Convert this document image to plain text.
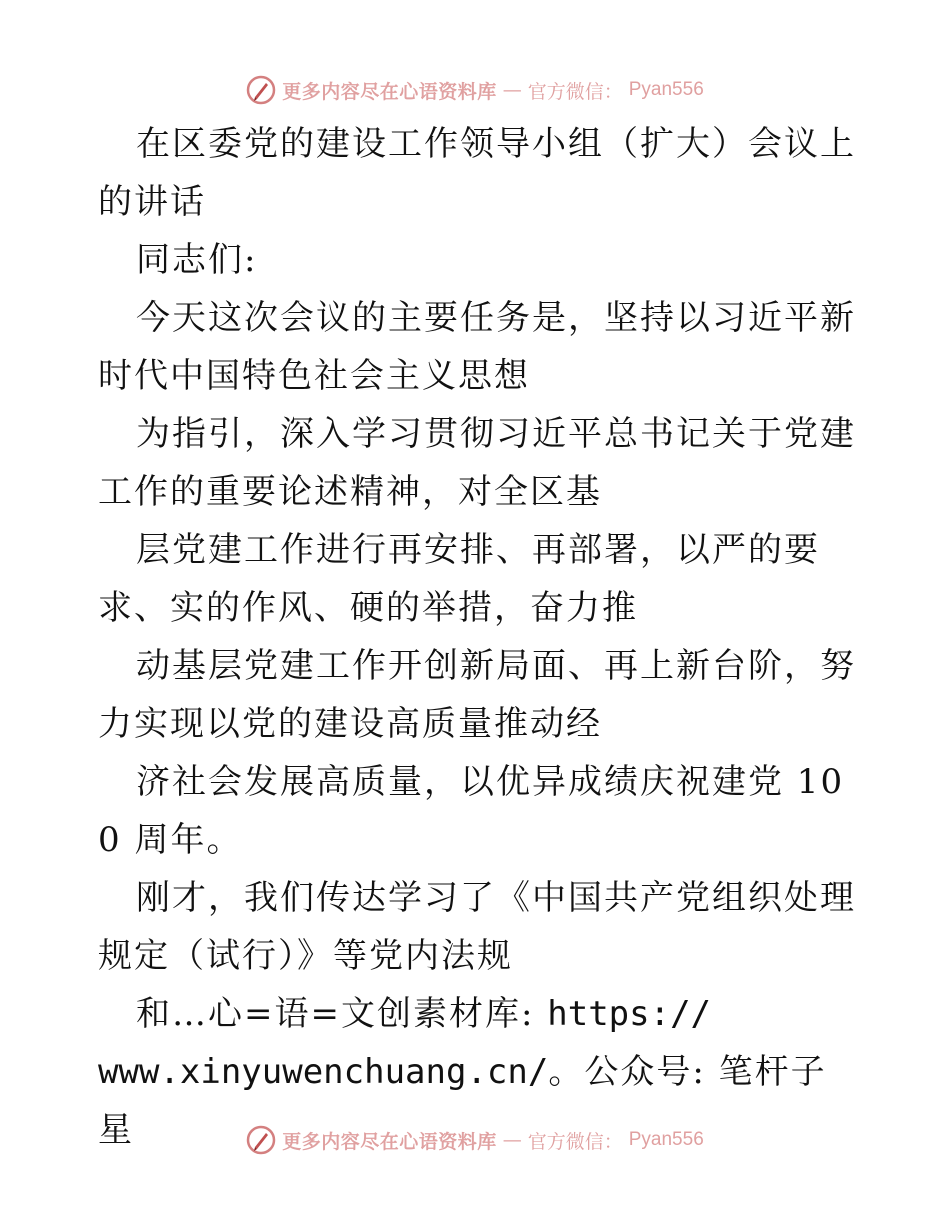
更多内容尽在心语资料库 — 官方微信： Pyan556

在区委党的建设工作领导小组（扩大）会议上的讲话

同志们:

今天这次会议的主要任务是，坚持以习近平新时代中国特色社会主义思想

为指引，深入学习贯彻习近平总书记关于党建工作的重要论述精神，对全区基

层党建工作进行再安排、再部署，以严的要求、实的作风、硬的举措，奋力推

动基层党建工作开创新局面、再上新台阶，努力实现以党的建设高质量推动经

济社会发展高质量，以优异成绩庆祝建党 100 周年。

刚才，我们传达学习了《中国共产党组织处理规定（试行）》等党内法规

和…心=语=文创素材库: https://

www.xinyuwenchuang.cn/。公众号: 笔杆子星	更多内容尽在心语资料库 — 官方微信： Pyan556
